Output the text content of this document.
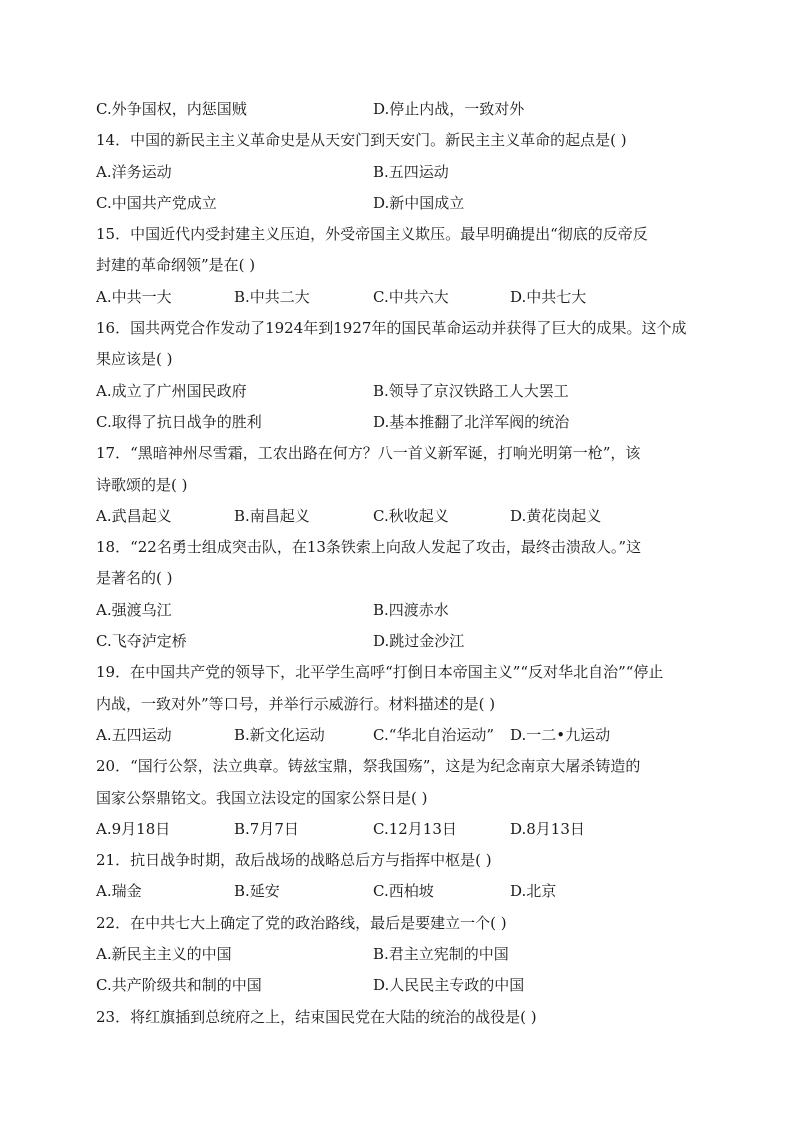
C.外争国权，内惩国贼	D.停止内战，一致对外
14．中国的新民主主义革命史是从天安门到天安门。新民主主义革命的起点是( )
A.洋务运动	B.五四运动
C.中国共产党成立	D.新中国成立
15．中国近代内受封建主义压迫，外受帝国主义欺压。最早明确提出“彻底的反帝反
封建的革命纲领”是在( )
A.中共一大	B.中共二大	C.中共六大	D.中共七大
16．国共两党合作发动了1924年到1927年的国民革命运动并获得了巨大的成果。这个成
果应该是( )
A.成立了广州国民政府	B.领导了京汉铁路工人大罢工
C.取得了抗日战争的胜利	D.基本推翻了北洋军阀的统治
17．“黑暗神州尽雪霜，工农出路在何方？八一首义新军诞，打响光明第一枪”，该
诗歌颂的是( )
A.武昌起义	B.南昌起义	C.秋收起义	D.黄花岗起义
18．“22名勇士组成突击队，在13条铁索上向敌人发起了攻击，最终击溃敌人。”这
是著名的( )
A.强渡乌江	B.四渡赤水
C.飞夺泸定桥	D.跳过金沙江
19．在中国共产党的领导下，北平学生高呼“打倒日本帝国主义”“反对华北自治”“停止
内战，一致对外”等口号，并举行示威游行。材料描述的是( )
A.五四运动	B.新文化运动	C.“华北自治运动” D.一二•九运动
20．“国行公祭，法立典章。铸兹宝鼎，祭我国殇”，这是为纪念南京大屠杀铸造的
国家公祭鼎铭文。我国立法设定的国家公祭日是( )
A.9月18日	B.7月7日	C.12月13日	D.8月13日
21．抗日战争时期，敌后战场的战略总后方与指挥中枢是( )
A.瑞金	B.延安	C.西柏坡	D.北京
22．在中共七大上确定了党的政治路线，最后是要建立一个( )
A.新民主主义的中国	B.君主立宪制的中国
C.共产阶级共和制的中国	D.人民民主专政的中国
23．将红旗插到总统府之上，结束国民党在大陆的统治的战役是( )
